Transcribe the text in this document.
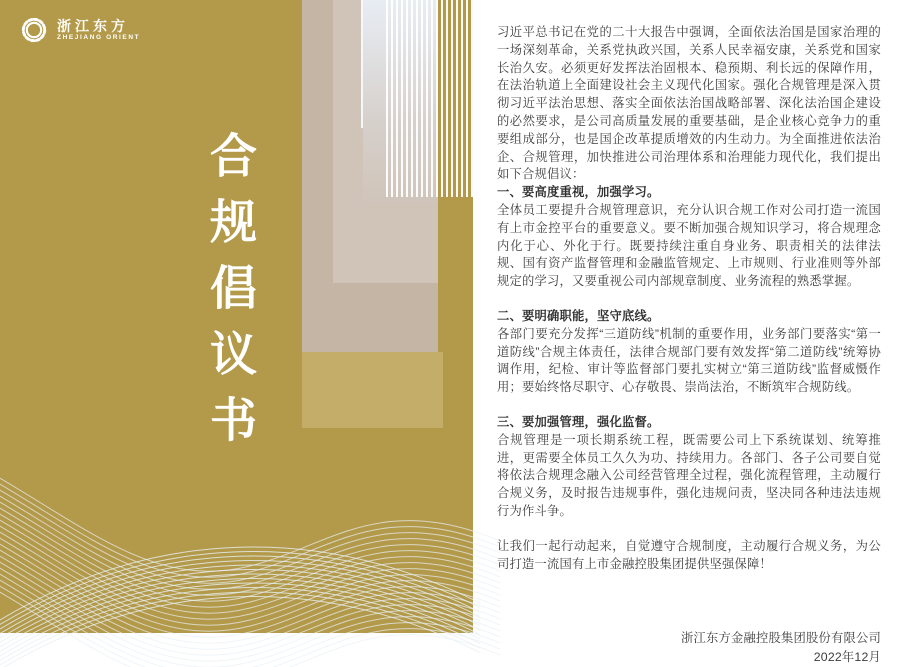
浙江东方
ZHEJIANG ORIENT
合规倡议书

习近平总书记在党的二十大报告中强调，全面依法治国是国家治理的一场深刻革命，关系党执政兴国，关系人民幸福安康，关系党和国家长治久安。必须更好发挥法治固根本、稳预期、利长远的保障作用，在法治轨道上全面建设社会主义现代化国家。强化合规管理是深入贯彻习近平法治思想、落实全面依法治国战略部署、深化法治国企建设的必然要求，是公司高质量发展的重要基础，是企业核心竞争力的重要组成部分，也是国企改革提质增效的内生动力。为全面推进依法治企、合规管理，加快推进公司治理体系和治理能力现代化，我们提出如下合规倡议：

一、要高度重视，加强学习。

全体员工要提升合规管理意识，充分认识合规工作对公司打造一流国有上市金控平台的重要意义。要不断加强合规知识学习，将合规理念内化于心、外化于行。既要持续注重自身业务、职责相关的法律法规、国有资产监督管理和金融监管规定、上市规则、行业准则等外部规定的学习，又要重视公司内部规章制度、业务流程的熟悉掌握。

二、要明确职能，坚守底线。

各部门要充分发挥“三道防线”机制的重要作用，业务部门要落实“第一道防线”合规主体责任，法律合规部门要有效发挥“第二道防线”统筹协调作用，纪检、审计等监督部门要扎实树立“第三道防线”监督威慑作用；要始终恪尽职守、心存敬畏、崇尚法治，不断筑牢合规防线。

三、要加强管理，强化监督。

合规管理是一项长期系统工程，既需要公司上下系统谋划、统筹推进，更需要全体员工久久为功、持续用力。各部门、各子公司要自觉将依法合规理念融入公司经营管理全过程，强化流程管理，主动履行合规义务，及时报告违规事件，强化违规问责，坚决同各种违法违规行为作斗争。

让我们一起行动起来，自觉遵守合规制度，主动履行合规义务，为公司打造一流国有上市金融控股集团提供坚强保障！

浙江东方金融控股集团股份有限公司

2022年12月
